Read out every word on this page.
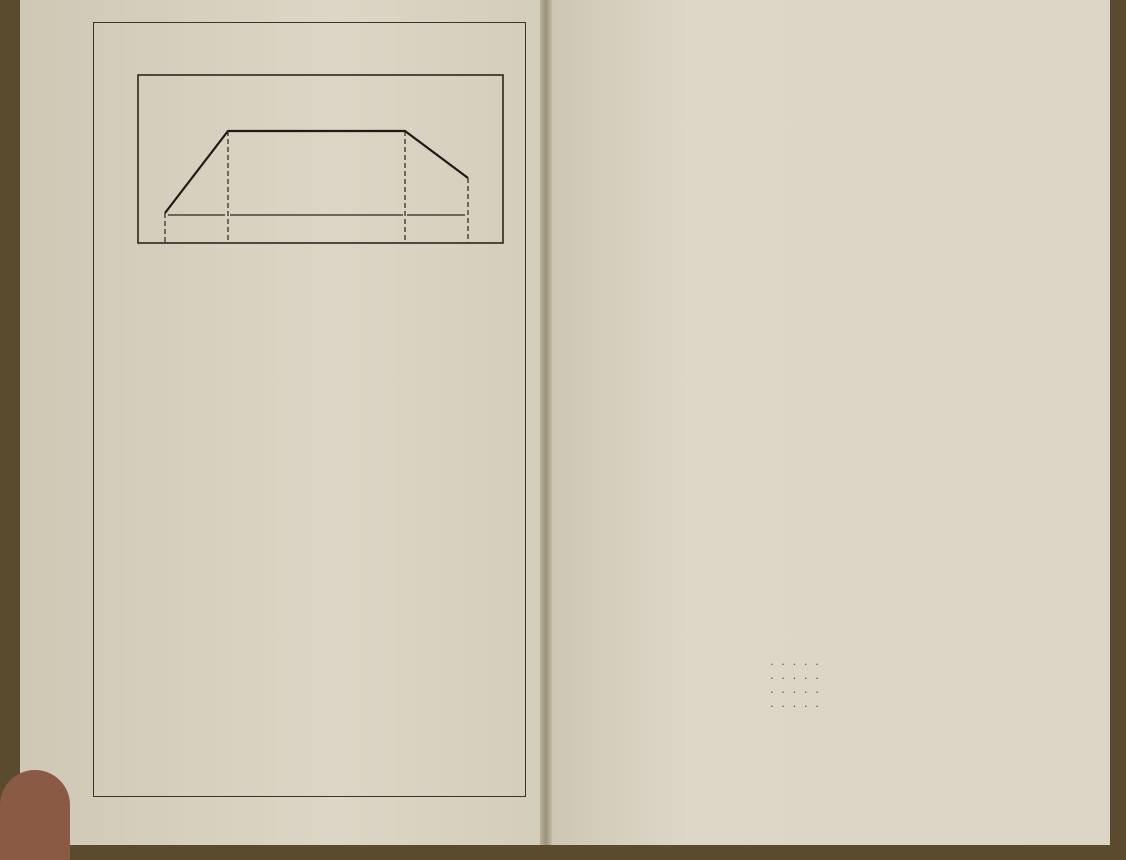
. . . . .
. . . . .
. . . . .
. . . . .
